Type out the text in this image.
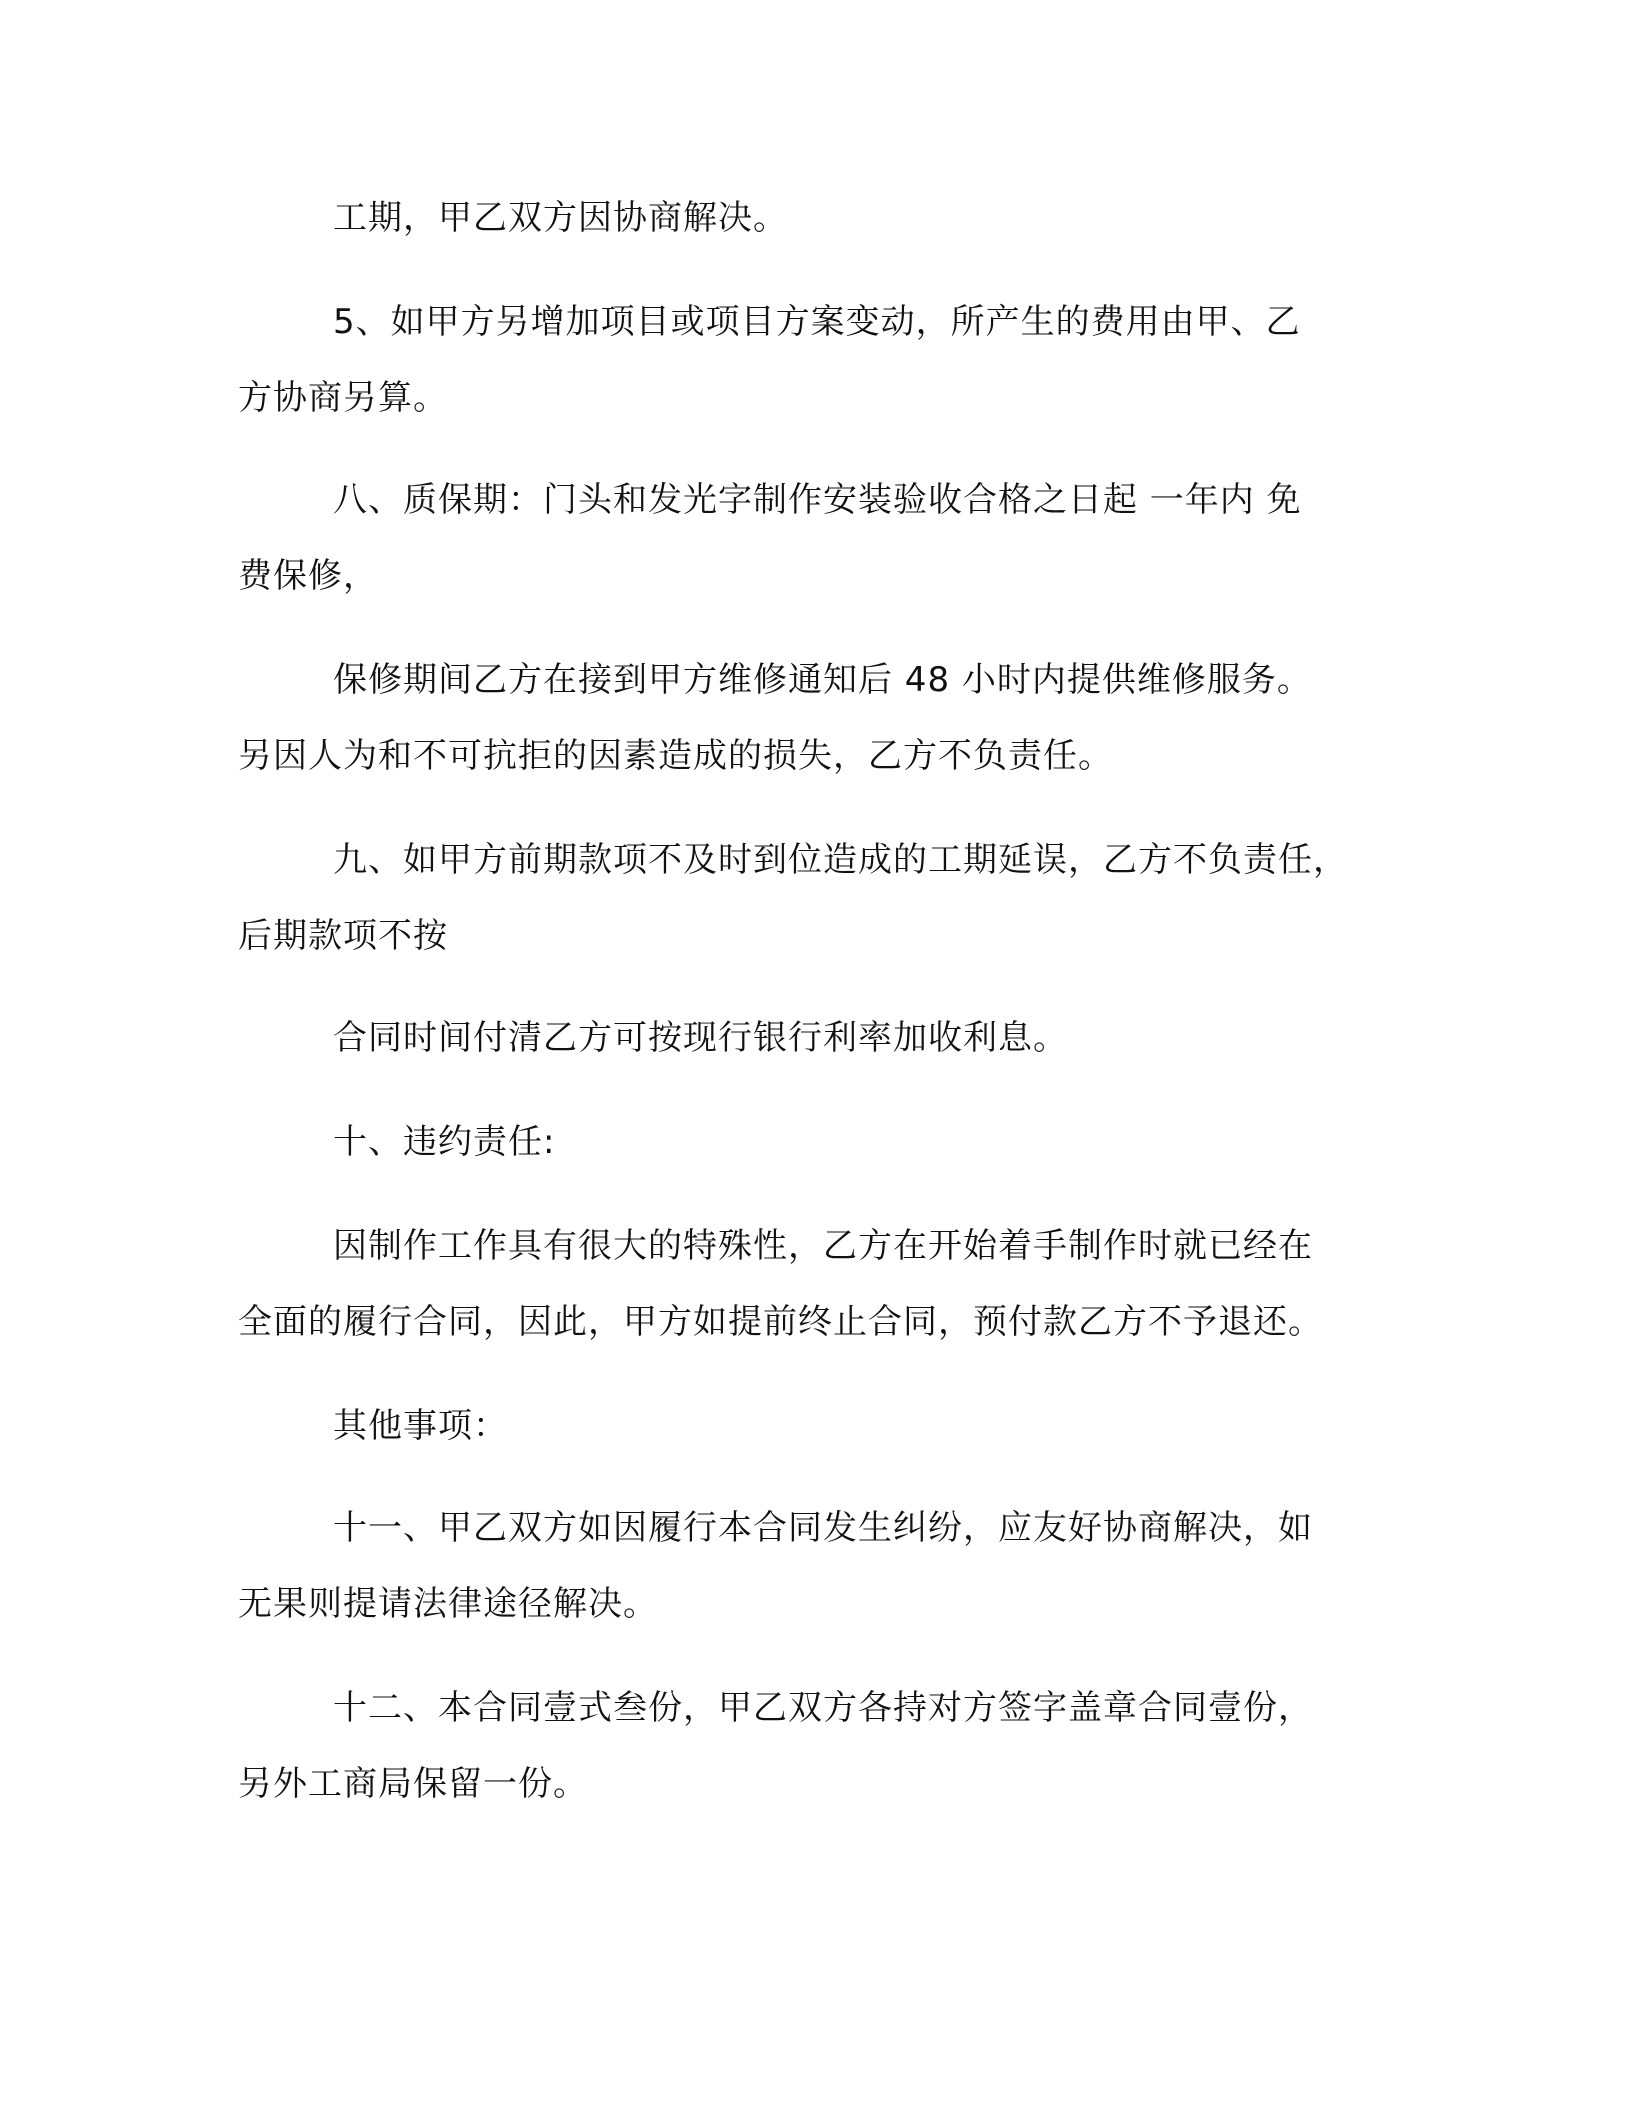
工期，甲乙双方因协商解决。

5、如甲方另增加项目或项目方案变动，所产生的费用由甲、乙

方协商另算。

八、质保期：门头和发光字制作安装验收合格之日起 一年内 免

费保修，

保修期间乙方在接到甲方维修通知后 48 小时内提供维修服务。

另因人为和不可抗拒的因素造成的损失，乙方不负责任。

九、如甲方前期款项不及时到位造成的工期延误，乙方不负责任，

后期款项不按

合同时间付清乙方可按现行银行利率加收利息。

十、违约责任:

因制作工作具有很大的特殊性，乙方在开始着手制作时就已经在

全面的履行合同，因此，甲方如提前终止合同，预付款乙方不予退还。

其他事项：

十一、甲乙双方如因履行本合同发生纠纷，应友好协商解决，如

无果则提请法律途径解决。

十二、本合同壹式叁份，甲乙双方各持对方签字盖章合同壹份，

另外工商局保留一份。
